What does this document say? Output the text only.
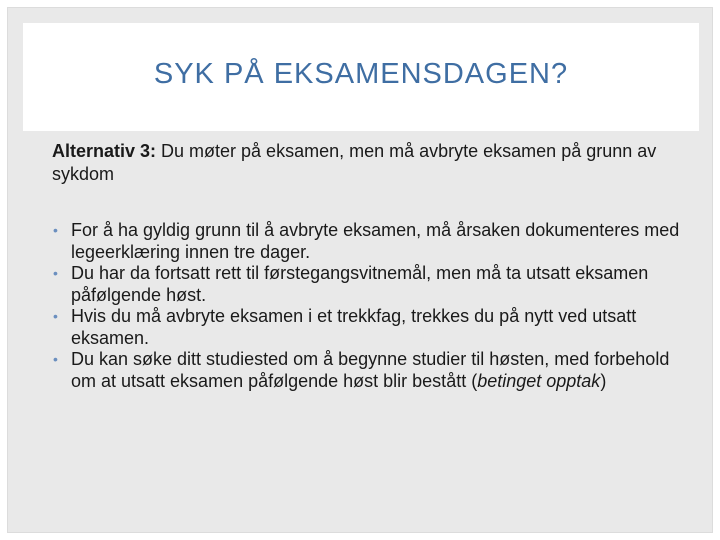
SYK PÅ EKSAMENSDAGEN?

Alternativ 3: Du møter på eksamen, men må avbryte eksamen på grunn av sykdom

• For å ha gyldig grunn til å avbryte eksamen, må årsaken dokumenteres med legeerklæring innen tre dager.
• Du har da fortsatt rett til førstegangsvitnemål, men må ta utsatt eksamen påfølgende høst.
• Hvis du må avbryte eksamen i et trekkfag, trekkes du på nytt ved utsatt eksamen.
• Du kan søke ditt studiested om å begynne studier til høsten, med forbehold om at utsatt eksamen påfølgende høst blir bestått (betinget opptak)
